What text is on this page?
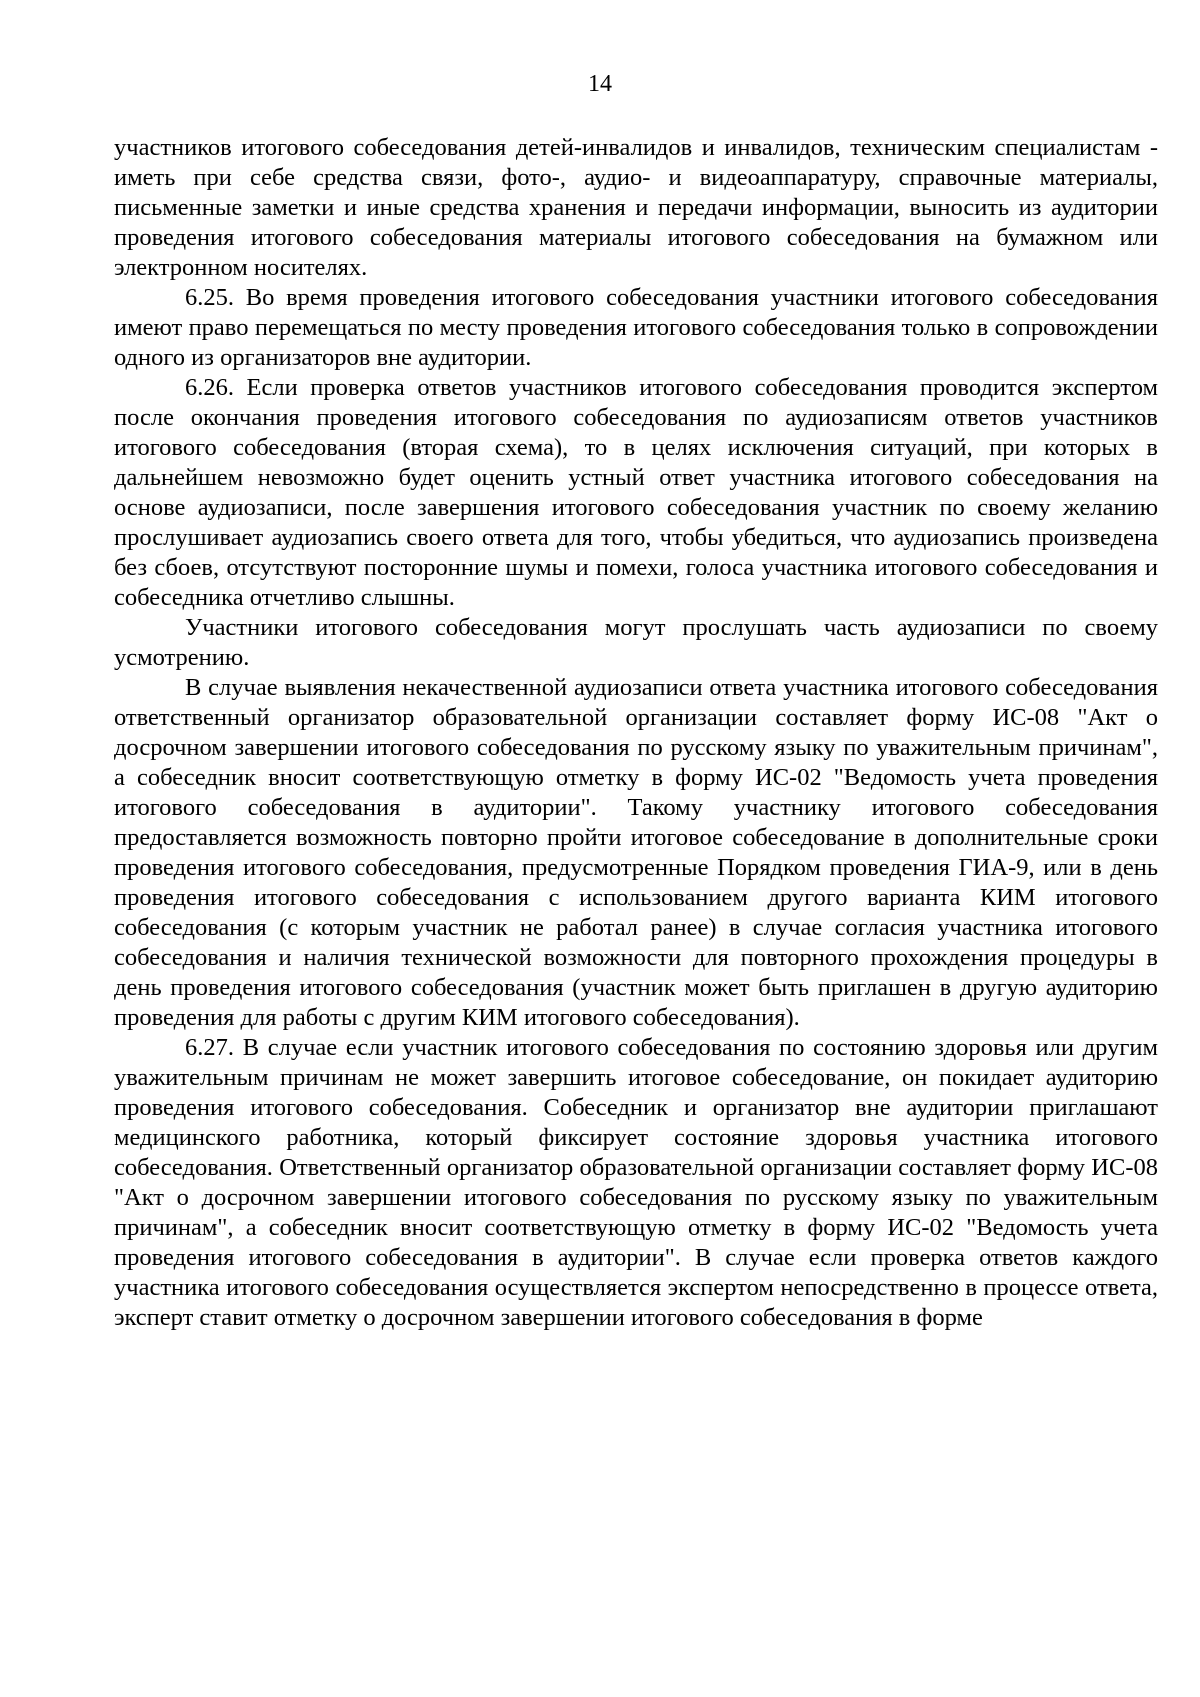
14

участников итогового собеседования детей-инвалидов и инвалидов, техническим специалистам - иметь при себе средства связи, фото-, аудио- и видеоаппаратуру, справочные материалы, письменные заметки и иные средства хранения и передачи информации, выносить из аудитории проведения итогового собеседования материалы итогового собеседования на бумажном или электронном носителях.

6.25. Во время проведения итогового собеседования участники итогового собеседования имеют право перемещаться по месту проведения итогового собеседования только в сопровождении одного из организаторов вне аудитории.

6.26. Если проверка ответов участников итогового собеседования проводится экспертом после окончания проведения итогового собеседования по аудиозаписям ответов участников итогового собеседования (вторая схема), то в целях исключения ситуаций, при которых в дальнейшем невозможно будет оценить устный ответ участника итогового собеседования на основе аудиозаписи, после завершения итогового собеседования участник по своему желанию прослушивает аудиозапись своего ответа для того, чтобы убедиться, что аудиозапись произведена без сбоев, отсутствуют посторонние шумы и помехи, голоса участника итогового собеседования и собеседника отчетливо слышны.

Участники итогового собеседования могут прослушать часть аудиозаписи по своему усмотрению.

В случае выявления некачественной аудиозаписи ответа участника итогового собеседования ответственный организатор образовательной организации составляет форму ИС-08 "Акт о досрочном завершении итогового собеседования по русскому языку по уважительным причинам", а собеседник вносит соответствующую отметку в форму ИС-02 "Ведомость учета проведения итогового собеседования в аудитории". Такому участнику итогового собеседования предоставляется возможность повторно пройти итоговое собеседование в дополнительные сроки проведения итогового собеседования, предусмотренные Порядком проведения ГИА-9, или в день проведения итогового собеседования с использованием другого варианта КИМ итогового собеседования (с которым участник не работал ранее) в случае согласия участника итогового собеседования и наличия технической возможности для повторного прохождения процедуры в день проведения итогового собеседования (участник может быть приглашен в другую аудиторию проведения для работы с другим КИМ итогового собеседования).

6.27. В случае если участник итогового собеседования по состоянию здоровья или другим уважительным причинам не может завершить итоговое собеседование, он покидает аудиторию проведения итогового собеседования. Собеседник и организатор вне аудитории приглашают медицинского работника, который фиксирует состояние здоровья участника итогового собеседования. Ответственный организатор образовательной организации составляет форму ИС-08 "Акт о досрочном завершении итогового собеседования по русскому языку по уважительным причинам", а собеседник вносит соответствующую отметку в форму ИС-02 "Ведомость учета проведения итогового собеседования в аудитории". В случае если проверка ответов каждого участника итогового собеседования осуществляется экспертом непосредственно в процессе ответа, эксперт ставит отметку о досрочном завершении итогового собеседования в форме
